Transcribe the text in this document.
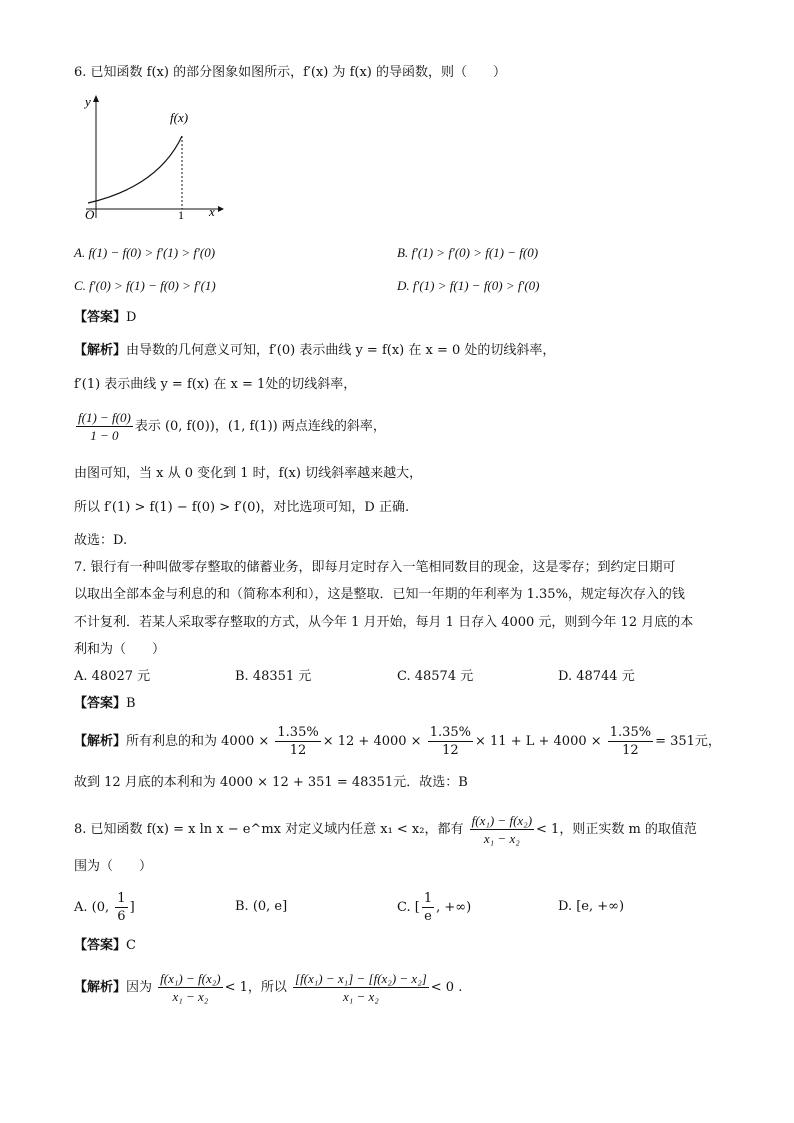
6. 已知函数 f(x) 的部分图象如图所示，f′(x) 为 f(x) 的导函数，则（　　）
y
x
O	1
f(x)
A. f(1) − f(0) > f′(1) > f′(0)	B. f′(1) > f′(0) > f(1) − f(0)
C. f′(0) > f(1) − f(0) > f′(1)	D. f′(1) > f(1) − f(0) > f′(0)
【答案】D
【解析】由导数的几何意义可知，f′(0) 表示曲线 y = f(x) 在 x = 0 处的切线斜率，
f′(1) 表示曲线 y = f(x) 在 x = 1处的切线斜率，
$\frac{f(1) - f(0)}{1 - 0}$ 表示 (0, f(0))，(1, f(1)) 两点连线的斜率，
由图可知，当 x 从 0 变化到 1 时，f(x) 切线斜率越来越大，
所以 f′(1) > f(1) − f(0) > f′(0)，对比选项可知，D 正确.
故选：D.
7. 银行有一种叫做零存整取的储蓄业务，即每月定时存入一笔相同数目的现金，这是零存；到约定日期可
以取出全部本金与利息的和（简称本利和），这是整取．已知一年期的年利率为 1.35%，规定每次存入的钱
不计复利．若某人采取零存整取的方式，从今年 1 月开始，每月 1 日存入 4000 元，则到今年 12 月底的本
利和为（　　）
A. 48027 元	B. 48351 元	C. 48574 元	D. 48744 元
【答案】B
【解析】所有利息的和为 $4000 \times \frac{1.35\%}{12} \times 12 + 4000 \times \frac{1.35\%}{12} \times 11 + L + 4000 \times \frac{1.35\%}{12} = 351$元，
故到 12 月底的本利和为 4000 × 12 + 351 = 48351元．故选：B
8. 已知函数 f(x) = x ln x − e^mx 对定义域内任意 x₁ < x₂，都有 $\frac{\text{f(x₁) − f(x₂)}}{\text{x₁ − x₂}} < 1$，则正实数 m 的取值范
围为（　　）
A. (0, $\frac{1}{6}$ ]	B. (0, e]	C. [ $\frac{1}{e}$ , +∞)	D. [e, +∞)
【答案】C
【解析】因为 $\frac{\text{f(x₁) − f(x₂)}}{\text{x₁ − x₂}} < 1$，所以 $\frac{\text{[f(x₁) − x₁] − [f(x₂) − x₂]}}{\text{x₁ − x₂}} < 0$ .
